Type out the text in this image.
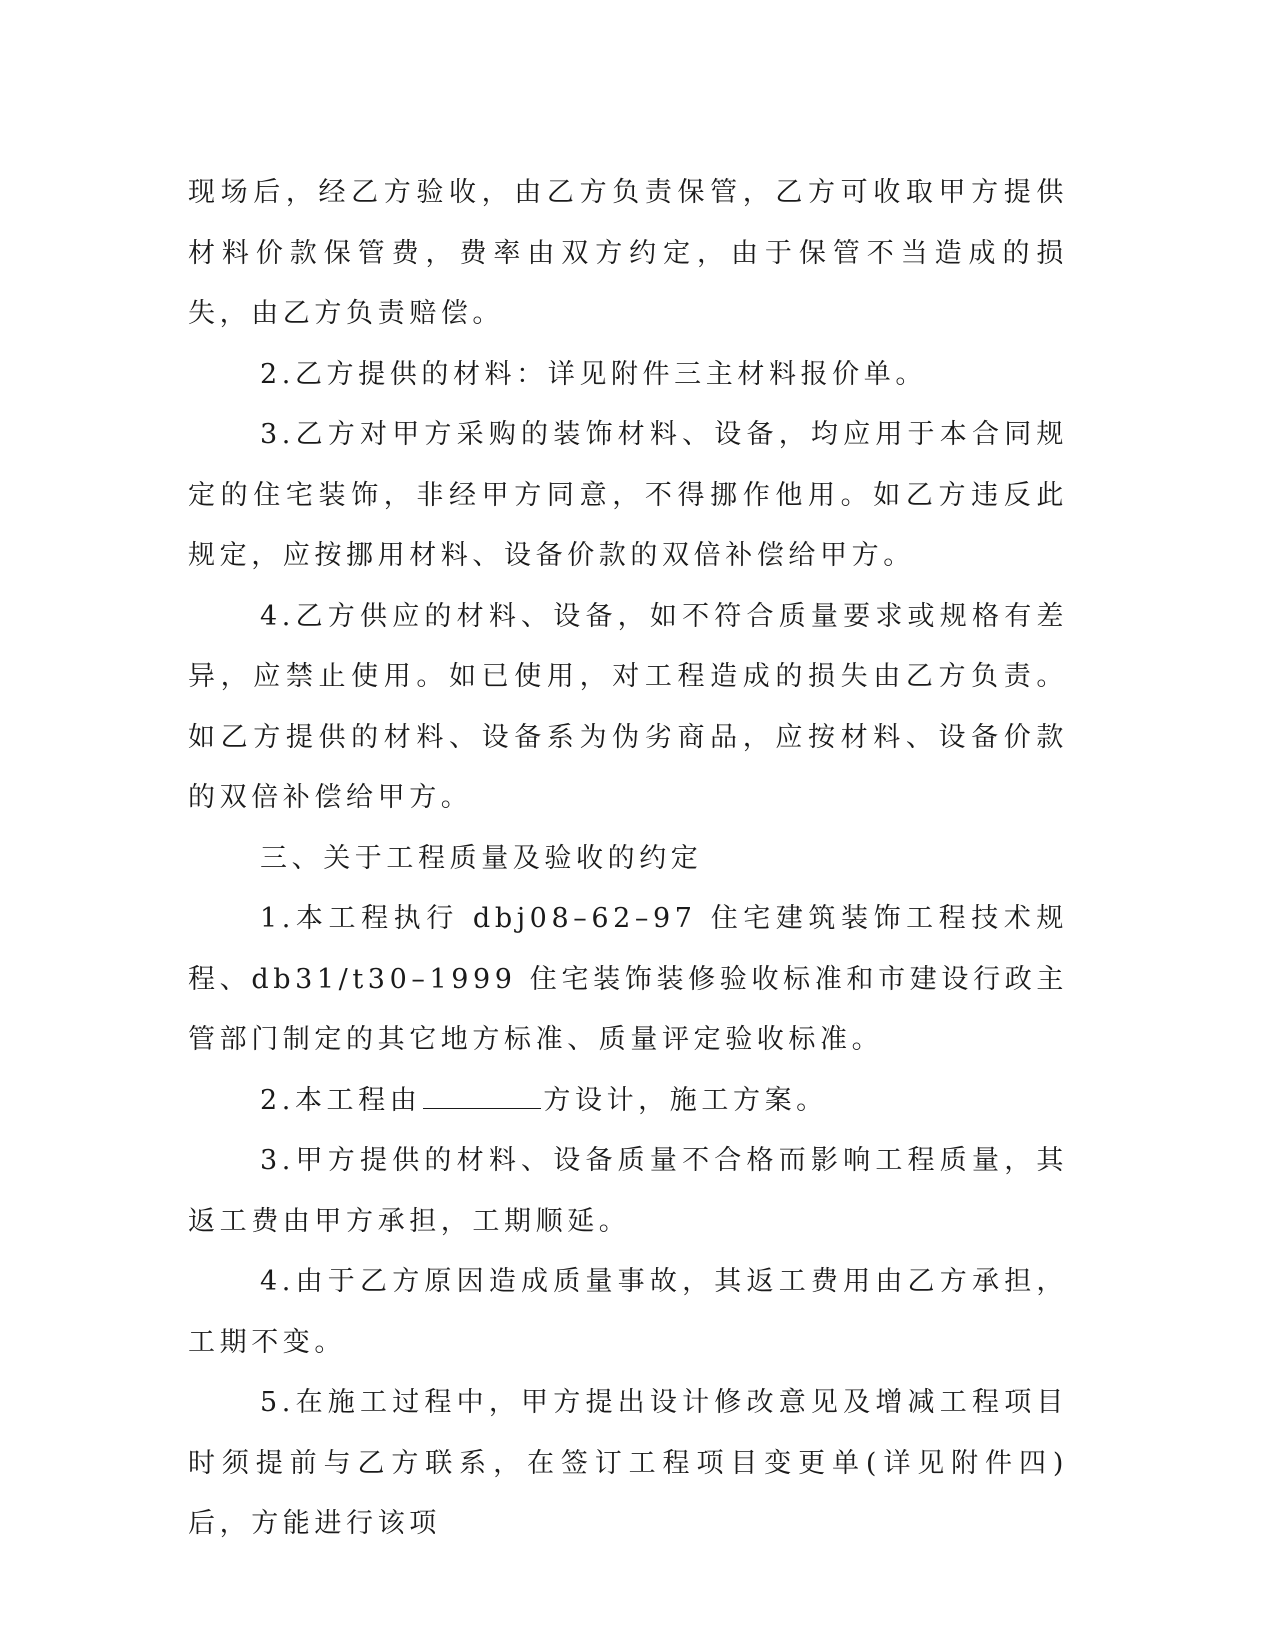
现场后，经乙方验收，由乙方负责保管，乙方可收取甲方提供材料价款保管费，费率由双方约定，由于保管不当造成的损失，由乙方负责赔偿。

2.乙方提供的材料：详见附件三主材料报价单。

3.乙方对甲方采购的装饰材料、设备，均应用于本合同规定的住宅装饰，非经甲方同意，不得挪作他用。如乙方违反此规定，应按挪用材料、设备价款的双倍补偿给甲方。

4.乙方供应的材料、设备，如不符合质量要求或规格有差异，应禁止使用。如已使用，对工程造成的损失由乙方负责。如乙方提供的材料、设备系为伪劣商品，应按材料、设备价款的双倍补偿给甲方。

三、关于工程质量及验收的约定

1.本工程执行 dbj08–62–97 住宅建筑装饰工程技术规程、db31/t30–1999 住宅装饰装修验收标准和市建设行政主管部门制定的其它地方标准、质量评定验收标准。

2.本工程由	方设计，施工方案。

3.甲方提供的材料、设备质量不合格而影响工程质量，其返工费由甲方承担，工期顺延。

4.由于乙方原因造成质量事故，其返工费用由乙方承担，工期不变。

5.在施工过程中，甲方提出设计修改意见及增减工程项目时须提前与乙方联系，在签订工程项目变更单(详见附件四)后，方能进行该项
